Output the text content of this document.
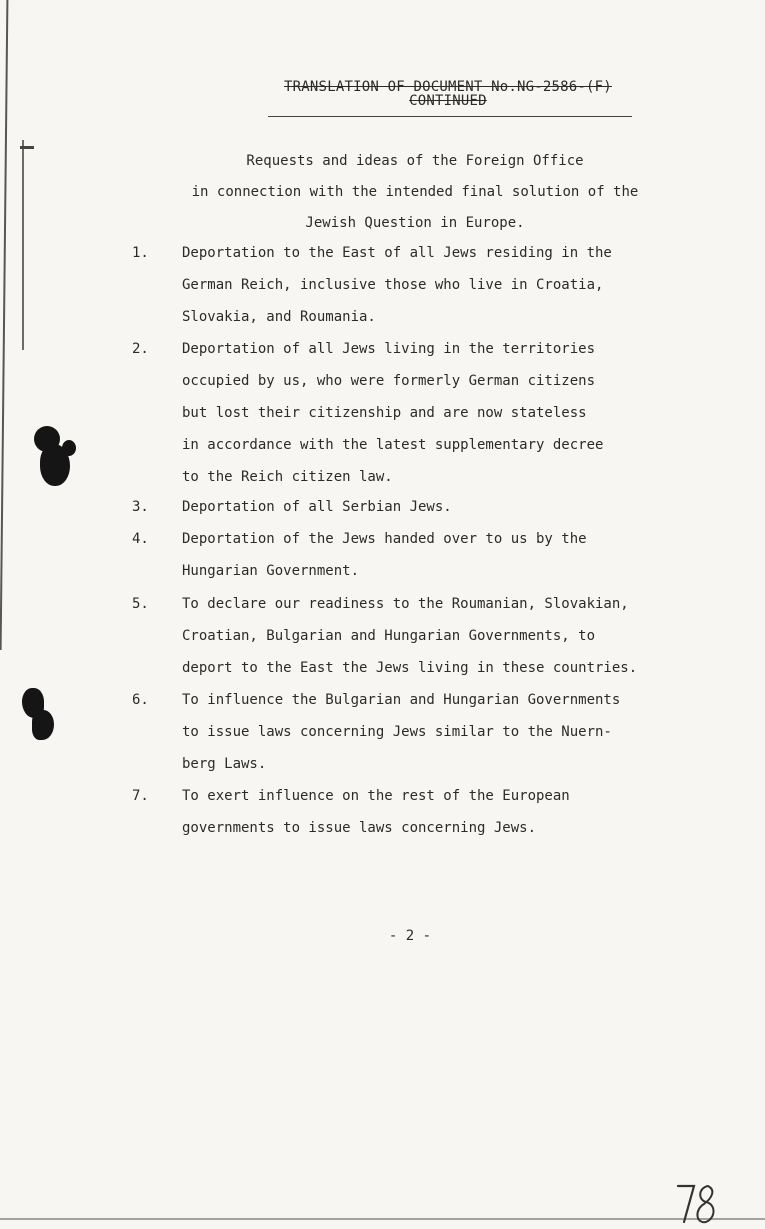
TRANSLATION OF DOCUMENT No.NG-2586-(F)
CONTINUED
Requests and ideas of the Foreign Office
in connection with the intended final solution of the
Jewish Question in Europe.
1. Deportation to the East of all Jews residing in the
German Reich, inclusive those who live in Croatia,
Slovakia, and Roumania.
2. Deportation of all Jews living in the territories
occupied by us, who were formerly German citizens
but lost their citizenship and are now stateless
in accordance with the latest supplementary decree
to the Reich citizen law.
3. Deportation of all Serbian Jews.
4. Deportation of the Jews handed over to us by the
Hungarian Government.
5. To declare our readiness to the Roumanian, Slovakian,
Croatian, Bulgarian and Hungarian Governments, to
deport to the East the Jews living in these countries.
6. To influence the Bulgarian and Hungarian Governments
to issue laws concerning Jews similar to the Nuern-
berg Laws.
7. To exert influence on the rest of the European
governments to issue laws concerning Jews.
- 2 -
